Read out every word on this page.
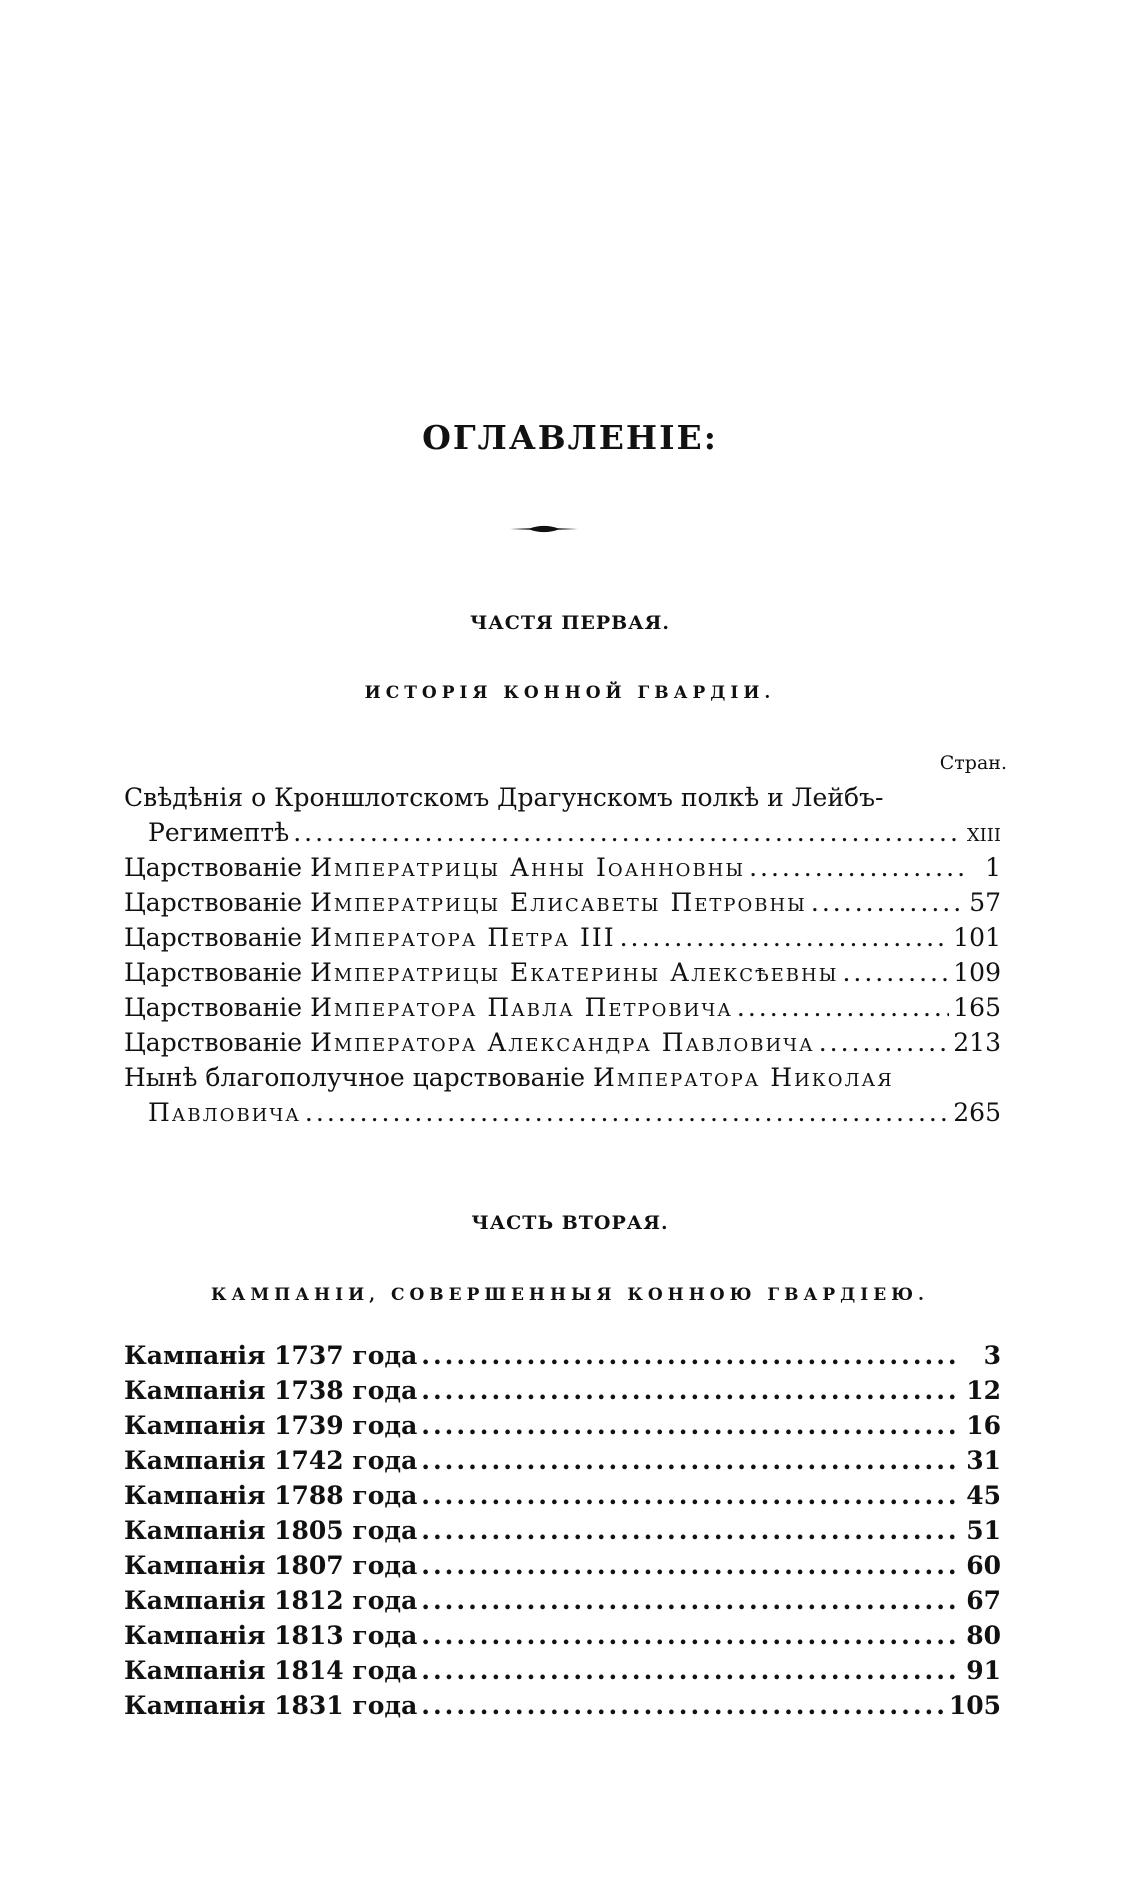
ОГЛАВЛЕНІЕ:
ЧАСТЯ ПЕРВАЯ.
ИСТОРІЯ КОННОЙ ГВАРДІИ.
Стран.
Свѣдѣнія о Кроншлотскомъ Драгунскомъ полкѣ и Лейбъ-
Регимептѣ .....	xiii
Царствованіе Императрицы Анны Іоанновны .....	1
Царствованіе Императрицы Елисаветы Петровны .....	57
Царствованіе Императора Петра III .....	101
Царствованіе Императрицы Екатерины Алексѣевны .....	109
Царствованіе Императора Павла Петровича .....	165
Царствованіе Императора Александра Павловича .....	213
Нынѣ благополучное царствованіе Императора Николая
Павловича .....	265
ЧАСТЬ ВТОРАЯ.
КАМПАНІИ, СОВЕРШЕННЫЯ КОННОЮ ГВАРДІЕЮ.
Кампанія 1737 года .....	3
Кампанія 1738 года .....	12
Кампанія 1739 года .....	16
Кампанія 1742 года .....	31
Кампанія 1788 года .....	45
Кампанія 1805 года .....	51
Кампанія 1807 года .....	60
Кампанія 1812 года .....	67
Кампанія 1813 года .....	80
Кампанія 1814 года .....	91
Кампанія 1831 года .....	105
